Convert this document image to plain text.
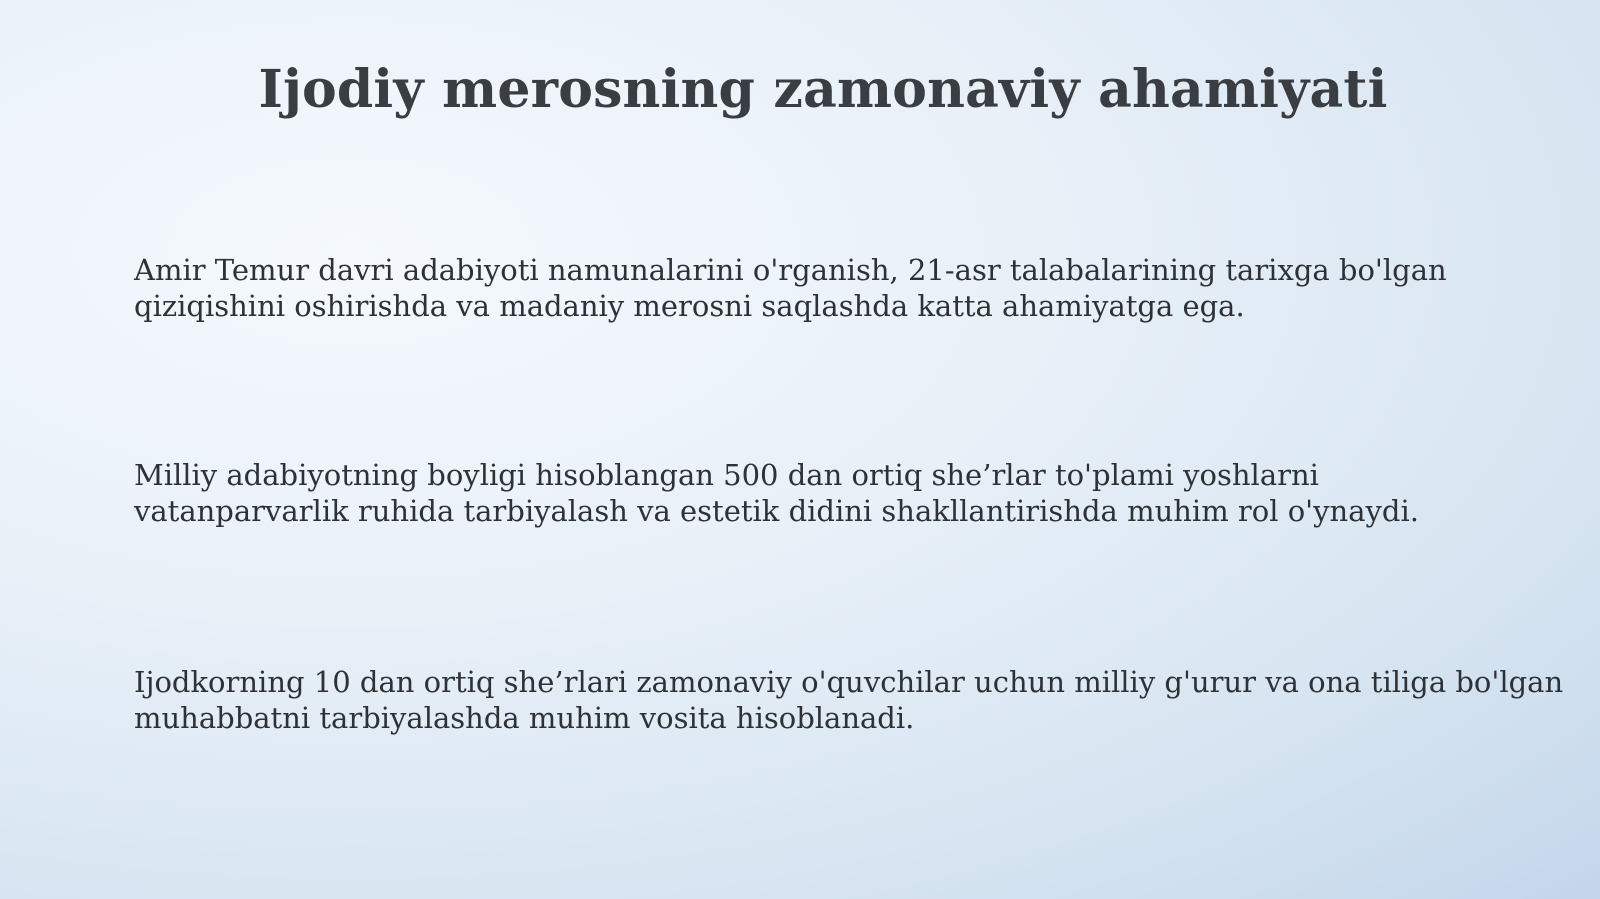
Ijodiy merosning zamonaviy ahamiyati

Amir Temur davri adabiyoti namunalarini o'rganish, 21-asr talabalarining tarixga bo'lgan
qiziqishini oshirishda va madaniy merosni saqlashda katta ahamiyatga ega.

Milliy adabiyotning boyligi hisoblangan 500 dan ortiq she’rlar to'plami yoshlarni
vatanparvarlik ruhida tarbiyalash va estetik didini shakllantirishda muhim rol o'ynaydi.

Ijodkorning 10 dan ortiq she’rlari zamonaviy o'quvchilar uchun milliy g'urur va ona tiliga bo'lgan
muhabbatni tarbiyalashda muhim vosita hisoblanadi.
